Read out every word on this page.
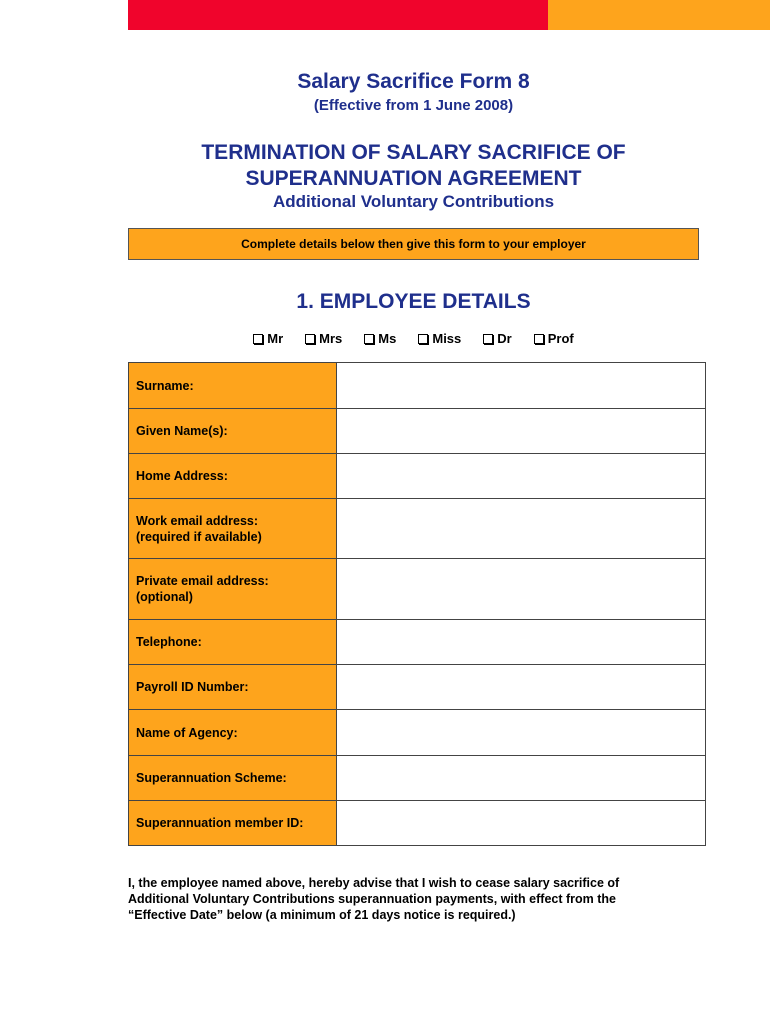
Salary Sacrifice Form 8
(Effective from 1 June 2008)
TERMINATION OF SALARY SACRIFICE OF
SUPERANNUATION AGREEMENT
Additional Voluntary Contributions
Complete details below then give this form to your employer
1. EMPLOYEE DETAILS
Mr	Mrs	Ms	Miss	Dr	Prof
Surname:	
Given Name(s):	
Home Address:	

Work email address:
(required if available)	

Private email address:
(optional)	

Telephone:	
Payroll ID Number:	
Name of Agency:	
Superannuation Scheme:	
Superannuation member ID:	
I, the employee named above, hereby advise that I wish to cease salary sacrifice of
Additional Voluntary Contributions superannuation payments, with effect from the
“Effective Date” below (a minimum of 21 days notice is required.)
